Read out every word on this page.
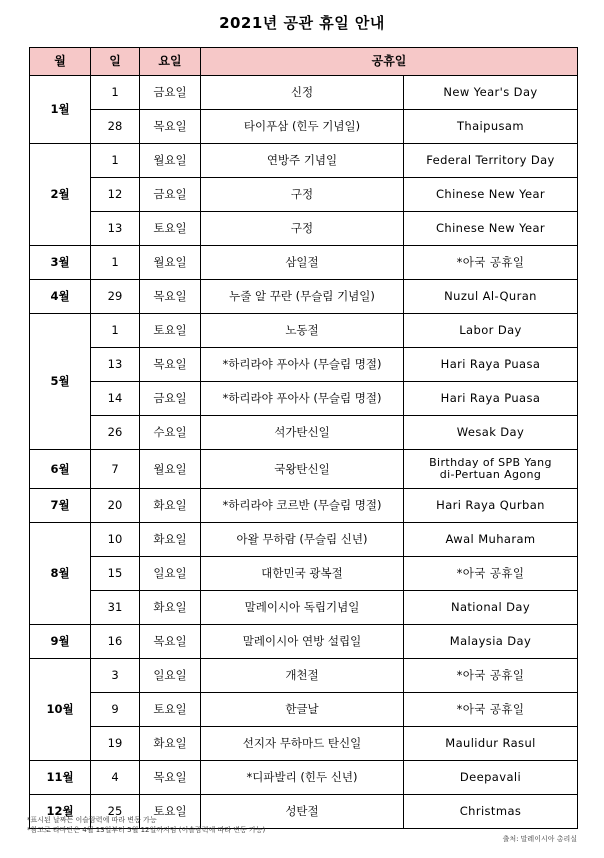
2021년 공관 휴일 안내
월	일	요일	공휴일	
1월	1	금요일	신정	New Year's Day
	28	목요일	타이푸삼 (힌두 기념일)	Thaipusam
2월	1	월요일	연방주 기념일	Federal Territory Day
	12	금요일	구정	Chinese New Year
	13	토요일	구정	Chinese New Year
3월	1	월요일	삼일절	*아국 공휴일
4월	29	목요일	누줄 알 꾸란 (무슬림 기념일)	Nuzul Al-Quran
5월	1	토요일	노동절	Labor Day
	13	목요일	*하리라야 푸아사 (무슬림 명절)	Hari Raya Puasa
	14	금요일	*하리라야 푸아사 (무슬림 명절)	Hari Raya Puasa
	26	수요일	석가탄신일	Wesak Day
6월	7	월요일	국왕탄신일	Birthday of SPB Yang
di-Pertuan Agong
7월	20	화요일	*하리라야 코르반 (무슬림 명절)	Hari Raya Qurban
8월	10	화요일	아왈 무하람 (무슬림 신년)	Awal Muharam
	15	일요일	대한민국 광복절	*아국 공휴일
	31	화요일	말레이시아 독립기념일	National Day
9월	16	목요일	말레이시아 연방 설립일	Malaysia Day
10월	3	일요일	개천절	*아국 공휴일
	9	토요일	한글날	*아국 공휴일
	19	화요일	선지자 무하마드 탄신일	Maulidur Rasul
11월	4	목요일	*디파발리 (힌두 신년)	Deepavali
12월	25	토요일	성탄절	Christmas
*표시된 날짜는 이슬람력에 따라 변동 가능
*참고로 라마단은 4월 13일부터 5월 12일까지임 (이슬람력에 따라 변동 가능)
출처: 말레이시아 총리실
